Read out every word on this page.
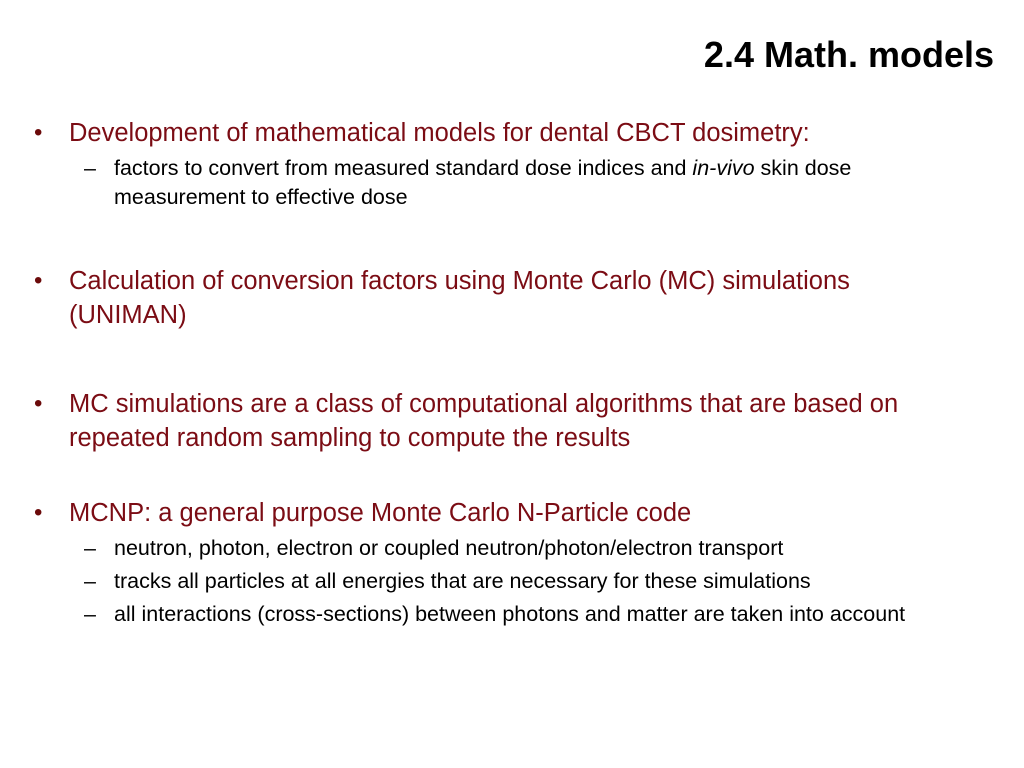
2.4 Math. models
• Development of mathematical models for dental CBCT dosimetry:
– factors to convert from measured standard dose indices and in-vivo skin dose measurement to effective dose
• Calculation of conversion factors using Monte Carlo (MC) simulations (UNIMAN)
• MC simulations are a class of computational algorithms that are based on repeated random sampling to compute the results
• MCNP: a general purpose Monte Carlo N-Particle code
– neutron, photon, electron or coupled neutron/photon/electron transport
– tracks all particles at all energies that are necessary for these simulations
– all interactions (cross-sections) between photons and matter are taken into account
